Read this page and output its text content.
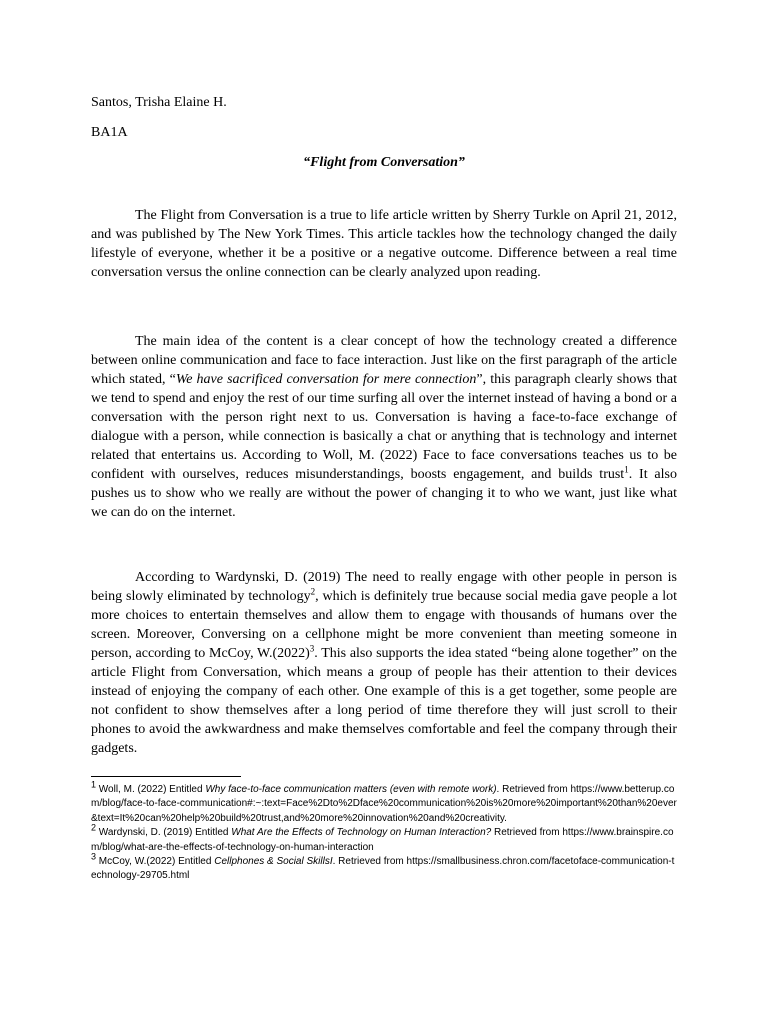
Santos, Trisha Elaine H.

BA1A

“Flight from Conversation”

The Flight from Conversation is a true to life article written by Sherry Turkle on April 21, 2012, and was published by The New York Times. This article tackles how the technology changed the daily lifestyle of everyone, whether it be a positive or a negative outcome. Difference between a real time conversation versus the online connection can be clearly analyzed upon reading.

The main idea of the content is a clear concept of how the technology created a difference between online communication and face to face interaction. Just like on the first paragraph of the article which stated, “We have sacrificed conversation for mere connection”, this paragraph clearly shows that we tend to spend and enjoy the rest of our time surfing all over the internet instead of having a bond or a conversation with the person right next to us. Conversation is having a face-to-face exchange of dialogue with a person, while connection is basically a chat or anything that is technology and internet related that entertains us. According to Woll, M. (2022) Face to face conversations teaches us to be confident with ourselves, reduces misunderstandings, boosts engagement, and builds trust$^1$. It also pushes us to show who we really are without the power of changing it to who we want, just like what we can do on the internet.

According to Wardynski, D. (2019) The need to really engage with other people in person is being slowly eliminated by technology$^2$, which is definitely true because social media gave people a lot more choices to entertain themselves and allow them to engage with thousands of humans over the screen. Moreover, Conversing on a cellphone might be more convenient than meeting someone in person, according to McCoy, $W.(2022)^3$. This also supports the idea stated “being alone together” on the article Flight from Conversation, which means a group of people has their attention to their devices instead of enjoying the company of each other. One example of this is a get together, some people are not confident to show themselves after a long period of time therefore they will just scroll to their phones to avoid the awkwardness and make themselves comfortable and feel the company through their gadgets.

$^1$ Woll, M. (2022) Entitled Why face-to-face communication matters (even with remote work). Retrieved from https://www.betterup.com/blog/face-to-face-communication#:~:text=Face%2Dto%2Dface%20communication%20is%20more%20important%20than%20ever&text=It%20can%20help%20build%20trust,and%20more%20innovation%20and%20creativity.

$^2$ Wardynski, D. (2019) Entitled What Are the Effects of Technology on Human Interaction? Retrieved from https://www.brainspire.com/blog/what-are-the-effects-of-technology-on-human-interaction

$^3$ McCoy, W.(2022) Entitled Cellphones & Social SkillsI. Retrieved from https://smallbusiness.chron.com/facetoface-communication-technology-29705.html
